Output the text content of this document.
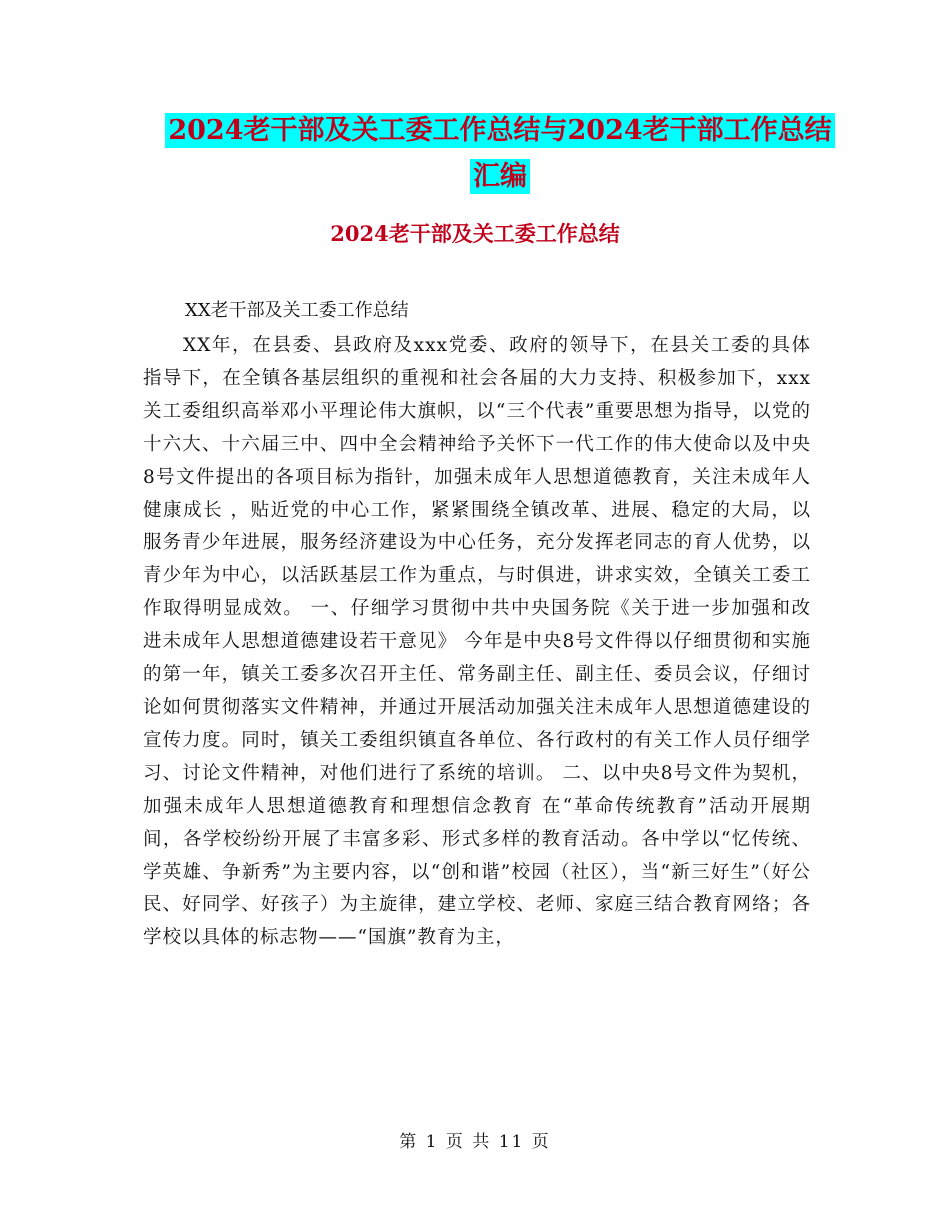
2024老干部及关工委工作总结与2024老干部工作总结
汇编
2024老干部及关工委工作总结
XX老干部及关工委工作总结

XX年，在县委、县政府及xxx党委、政府的领导下，在县关工委的具体指导下，在全镇各基层组织的重视和社会各届的大力支持、积极参加下，xxx关工委组织高举邓小平理论伟大旗帜，以“三个代表”重要思想为指导，以党的十六大、十六届三中、四中全会精神给予关怀下一代工作的伟大使命以及中央8号文件提出的各项目标为指针，加强未成年人思想道德教育，关注未成年人健康成长 ，贴近党的中心工作，紧紧围绕全镇改革、进展、稳定的大局，以服务青少年进展，服务经济建设为中心任务，充分发挥老同志的育人优势，以青少年为中心，以活跃基层工作为重点，与时俱进，讲求实效，全镇关工委工作取得明显成效。 一、仔细学习贯彻中共中央国务院《关于进一步加强和改进未成年人思想道德建设若干意见》 今年是中央8号文件得以仔细贯彻和实施的第一年，镇关工委多次召开主任、常务副主任、副主任、委员会议，仔细讨论如何贯彻落实文件精神，并通过开展活动加强关注未成年人思想道德建设的宣传力度。同时，镇关工委组织镇直各单位、各行政村的有关工作人员仔细学习、讨论文件精神，对他们进行了系统的培训。 二、以中央8号文件为契机，加强未成年人思想道德教育和理想信念教育 在“革命传统教育”活动开展期间，各学校纷纷开展了丰富多彩、形式多样的教育活动。各中学以“忆传统、学英雄、争新秀”为主要内容，以“创和谐”校园（社区），当“新三好生”（好公民、好同学、好孩子）为主旋律，建立学校、老师、家庭三结合教育网络；各学校以具体的标志物——“国旗”教育为主，

第 1 页 共 11 页
